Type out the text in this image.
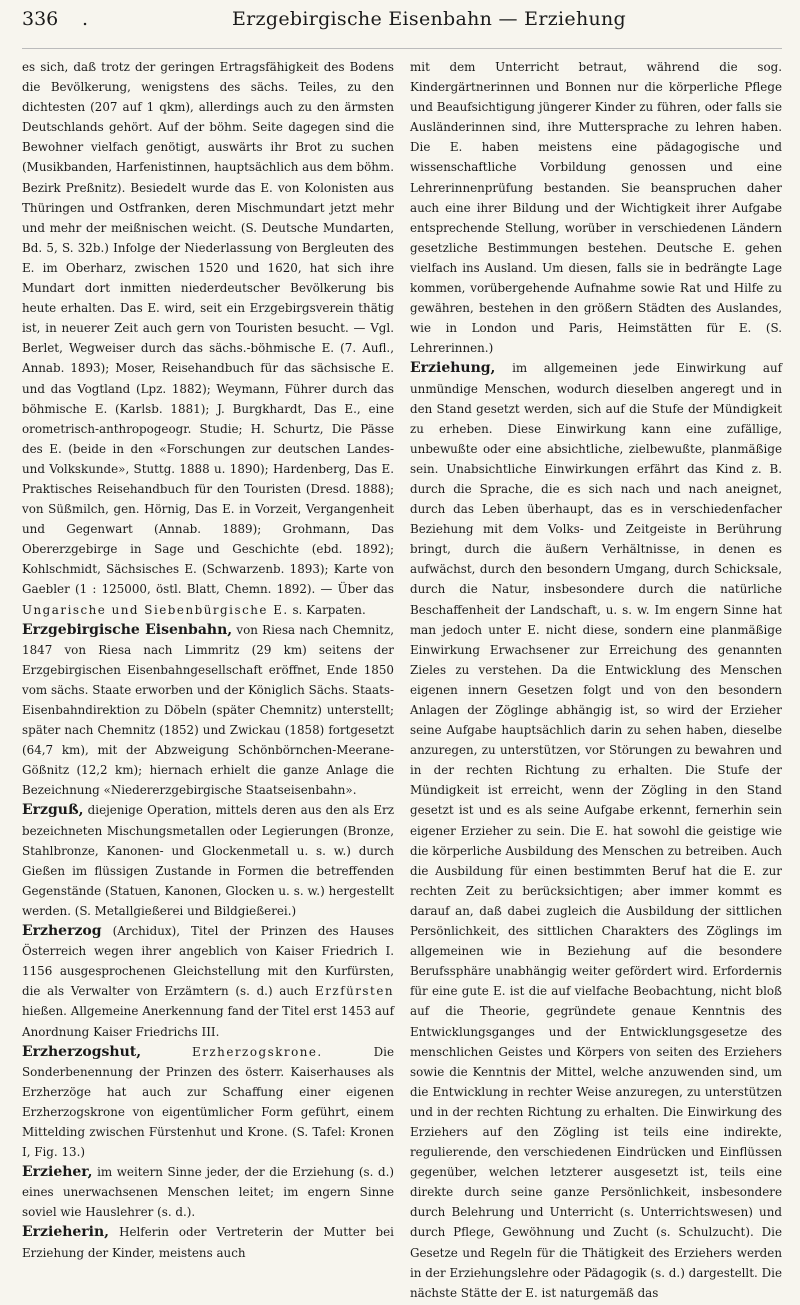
336	.	Erzgebirgische Eisenbahn — Erziehung

es sich, daß trotz der geringen Ertragsfähigkeit des Bodens die Bevölkerung, wenigstens des sächs. Teiles, zu den dichtesten (207 auf 1 qkm), allerdings auch zu den ärmsten Deutschlands gehört. Auf der böhm. Seite dagegen sind die Bewohner vielfach genötigt, auswärts ihr Brot zu suchen (Musikbanden, Harfenistinnen, hauptsächlich aus dem böhm. Bezirk Preßnitz). Besiedelt wurde das E. von Kolonisten aus Thüringen und Ostfranken, deren Mischmundart jetzt mehr und mehr der meißnischen weicht. (S. Deutsche Mundarten, Bd. 5, S. 32b.) Infolge der Niederlassung von Bergleuten des E. im Oberharz, zwischen 1520 und 1620, hat sich ihre Mundart dort inmitten niederdeutscher Bevölkerung bis heute erhalten. Das E. wird, seit ein Erzgebirgsverein thätig ist, in neuerer Zeit auch gern von Touristen besucht. — Vgl. Berlet, Wegweiser durch das sächs.-böhmische E. (7. Aufl., Annab. 1893); Moser, Reisehandbuch für das sächsische E. und das Vogtland (Lpz. 1882); Weymann, Führer durch das böhmische E. (Karlsb. 1881); J. Burgkhardt, Das E., eine orometrisch-anthropogeogr. Studie; H. Schurtz, Die Pässe des E. (beide in den «Forschungen zur deutschen Landes- und Volkskunde», Stuttg. 1888 u. 1890); Hardenberg, Das E. Praktisches Reisehandbuch für den Touristen (Dresd. 1888); von Süßmilch, gen. Hörnig, Das E. in Vorzeit, Vergangenheit und Gegenwart (Annab. 1889); Grohmann, Das Obererzgebirge in Sage und Geschichte (ebd. 1892); Kohlschmidt, Sächsisches E. (Schwarzenb. 1893); Karte von Gaebler (1 : 125000, östl. Blatt, Chemn. 1892). — Über das Ungarische und Siebenbürgische E. s. Karpaten.

Erzgebirgische Eisenbahn, von Riesa nach Chemnitz, 1847 von Riesa nach Limmritz (29 km) seitens der Erzgebirgischen Eisenbahngesellschaft eröffnet, Ende 1850 vom sächs. Staate erworben und der Königlich Sächs. Staats-Eisenbahndirektion zu Döbeln (später Chemnitz) unterstellt; später nach Chemnitz (1852) und Zwickau (1858) fortgesetzt (64,7 km), mit der Abzweigung Schönbörnchen-Meerane-Gößnitz (12,2 km); hiernach erhielt die ganze Anlage die Bezeichnung «Niedererzgebirgische Staatseisenbahn».

Erzguß, diejenige Operation, mittels deren aus den als Erz bezeichneten Mischungsmetallen oder Legierungen (Bronze, Stahlbronze, Kanonen- und Glockenmetall u. s. w.) durch Gießen im flüssigen Zustande in Formen die betreffenden Gegenstände (Statuen, Kanonen, Glocken u. s. w.) hergestellt werden. (S. Metallgießerei und Bildgießerei.)

Erzherzog (Archidux), Titel der Prinzen des Hauses Österreich wegen ihrer angeblich von Kaiser Friedrich I. 1156 ausgesprochenen Gleichstellung mit den Kurfürsten, die als Verwalter von Erzämtern (s. d.) auch Erzfürsten hießen. Allgemeine Anerkennung fand der Titel erst 1453 auf Anordnung Kaiser Friedrichs III.

Erzherzogshut,	Erzherzogskrone.	Die Sonderbenennung der Prinzen des österr. Kaiserhauses als Erzherzöge hat auch zur Schaffung einer eigenen Erzherzogskrone von eigentümlicher Form geführt, einem Mittelding zwischen Fürstenhut und Krone. (S. Tafel: Kronen I, Fig. 13.)

Erzieher, im weitern Sinne jeder, der die Erziehung (s. d.) eines unerwachsenen Menschen leitet; im engern Sinne soviel wie Hauslehrer (s. d.).

Erzieherin, Helferin oder Vertreterin der Mutter bei Erziehung der Kinder, meistens auch

mit dem Unterricht betraut, während die sog. Kindergärtnerinnen und Bonnen nur die körperliche Pflege und Beaufsichtigung jüngerer Kinder zu führen, oder falls sie Ausländerinnen sind, ihre Muttersprache zu lehren haben. Die E. haben meistens eine pädagogische und wissenschaftliche Vorbildung genossen und eine Lehrerinnenprüfung bestanden. Sie beanspruchen daher auch eine ihrer Bildung und der Wichtigkeit ihrer Aufgabe entsprechende Stellung, worüber in verschiedenen Ländern gesetzliche Bestimmungen bestehen. Deutsche E. gehen vielfach ins Ausland. Um diesen, falls sie in bedrängte Lage kommen, vorübergehende Aufnahme sowie Rat und Hilfe zu gewähren, bestehen in den größern Städten des Auslandes, wie in London und Paris, Heimstätten für E. (S. Lehrerinnen.)

Erziehung, im allgemeinen jede Einwirkung auf unmündige Menschen, wodurch dieselben angeregt und in den Stand gesetzt werden, sich auf die Stufe der Mündigkeit zu erheben. Diese Einwirkung kann eine zufällige, unbewußte oder eine absichtliche, zielbewußte, planmäßige sein. Unabsichtliche Einwirkungen erfährt das Kind z. B. durch die Sprache, die es sich nach und nach aneignet, durch das Leben überhaupt, das es in verschiedenfacher Beziehung mit dem Volks- und Zeitgeiste in Berührung bringt, durch die äußern Verhältnisse, in denen es aufwächst, durch den besondern Umgang, durch Schicksale, durch die Natur, insbesondere durch die natürliche Beschaffenheit der Landschaft, u. s. w. Im engern Sinne hat man jedoch unter E. nicht diese, sondern eine planmäßige Einwirkung Erwachsener zur Erreichung des genannten Zieles zu verstehen. Da die Entwicklung des Menschen eigenen innern Gesetzen folgt und von den besondern Anlagen der Zöglinge abhängig ist, so wird der Erzieher seine Aufgabe hauptsächlich darin zu sehen haben, dieselbe anzuregen, zu unterstützen, vor Störungen zu bewahren und in der rechten Richtung zu erhalten. Die Stufe der Mündigkeit ist erreicht, wenn der Zögling in den Stand gesetzt ist und es als seine Aufgabe erkennt, fernerhin sein eigener Erzieher zu sein. Die E. hat sowohl die geistige wie die körperliche Ausbildung des Menschen zu betreiben. Auch die Ausbildung für einen bestimmten Beruf hat die E. zur rechten Zeit zu berücksichtigen; aber immer kommt es darauf an, daß dabei zugleich die Ausbildung der sittlichen Persönlichkeit, des sittlichen Charakters des Zöglings im allgemeinen wie in Beziehung auf die besondere Berufssphäre unabhängig weiter gefördert wird. Erfordernis für eine gute E. ist die auf vielfache Beobachtung, nicht bloß auf die Theorie, gegründete genaue Kenntnis des Entwicklungsganges und der Entwicklungsgesetze des menschlichen Geistes und Körpers von seiten des Erziehers sowie die Kenntnis der Mittel, welche anzuwenden sind, um die Entwicklung in rechter Weise anzuregen, zu unterstützen und in der rechten Richtung zu erhalten. Die Einwirkung des Erziehers auf den Zögling ist teils eine indirekte, regulierende, den verschiedenen Eindrücken und Einflüssen gegenüber, welchen letzterer ausgesetzt ist, teils eine direkte durch seine ganze Persönlichkeit, insbesondere durch Belehrung und Unterricht (s. Unterrichtswesen) und durch Pflege, Gewöhnung und Zucht (s. Schulzucht). Die Gesetze und Regeln für die Thätigkeit des Erziehers werden in der Erziehungslehre oder Pädagogik (s. d.) dargestellt. Die nächste Stätte der E. ist naturgemäß das
